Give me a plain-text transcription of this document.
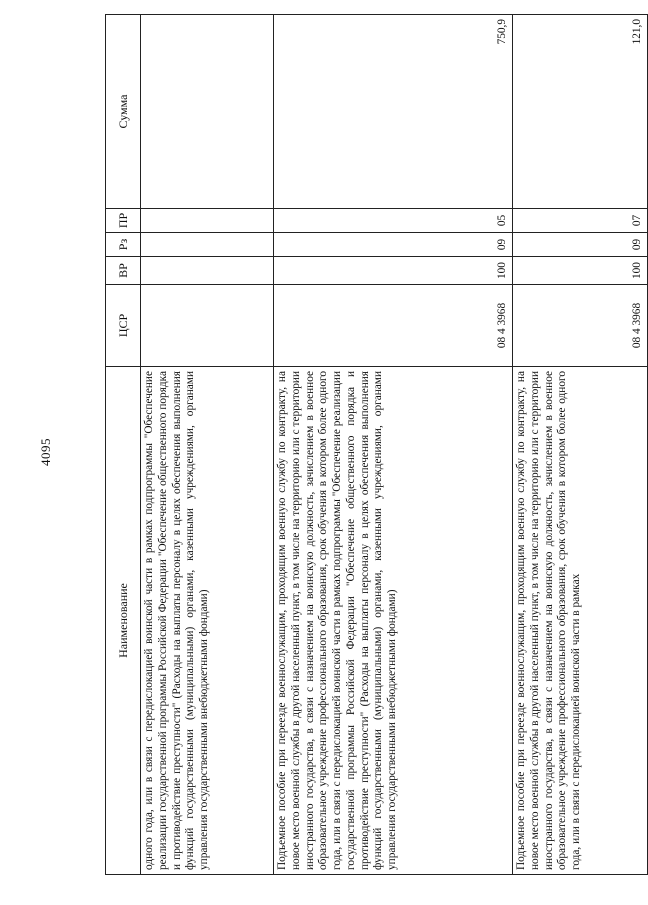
4095
Наименование	ЦСР	ВР	Рз	ПР	Сумма
одного года, или в связи с передислокацией воинской части в рамках подпрограммы "Обеспечение реализации государственной программы Российской Федерации "Обеспечение общественного порядка и противодействие преступности" (Расходы на выплаты персоналу в целях обеспечения выполнения функций государственными (муниципальными) органами, казенными учреждениями, органами управления государственными внебюджетными фондами)					
Подъемное пособие при переезде военнослужащим, проходящим военную службу по контракту, на новое место военной службы в другой населенный пункт, в том числе на территорию или с территории иностранного государства, в связи с назначением на воинскую должность, зачислением в военное образовательное учреждение профессионального образования, срок обучения в котором более одного года, или в связи с передислокацией воинской части в рамках подпрограммы "Обеспечение реализации государственной программы Российской Федерации "Обеспечение общественного порядка и противодействие преступности" (Расходы на выплаты персоналу в целях обеспечения выполнения функций государственными (муниципальными) органами, казенными учреждениями, органами управления государственными внебюджетными фондами)	08 4 3968	100	09	05	750,9
Подъемное пособие при переезде военнослужащим, проходящим военную службу по контракту, на новое место военной службы в другой населенный пункт, в том числе на территорию или с территории иностранного государства, в связи с назначением на воинскую должность, зачислением в военное образовательное учреждение профессионального образования, срок обучения в котором более одного года, или в связи с передислокацией воинской части в рамках	08 4 3968	100	09	07	121,0
